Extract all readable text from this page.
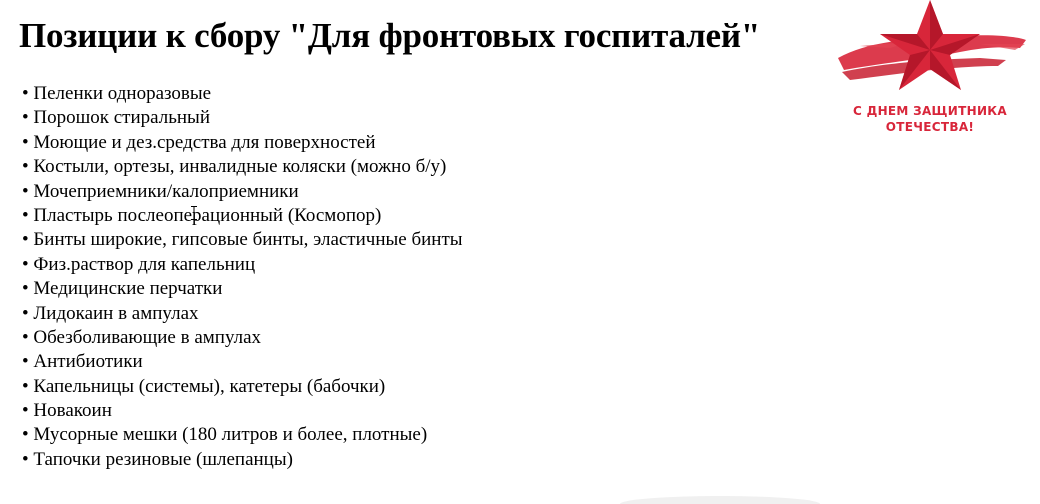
Позиции к сбору "Для фронтовых госпиталей"
• Пеленки одноразовые
• Порошок стиральный
• Моющие и дез.средства для поверхностей
• Костыли, ортезы, инвалидные коляски (можно б/у)
• Мочеприемники/калоприемники
• Пластырь послеоперационный (Космопор)
• Бинты широкие, гипсовые бинты, эластичные бинты
• Физ.раствор для капельниц
• Медицинские перчатки
• Лидокаин в ампулах
• Обезболивающие в ампулах
• Антибиотики
• Капельницы (системы), катетеры (бабочки)
• Новакоин
• Мусорные мешки (180 литров и более, плотные)
• Тапочки резиновые (шлепанцы)
С ДНЕМ ЗАЩИТНИКА
ОТЕЧЕСТВА!
